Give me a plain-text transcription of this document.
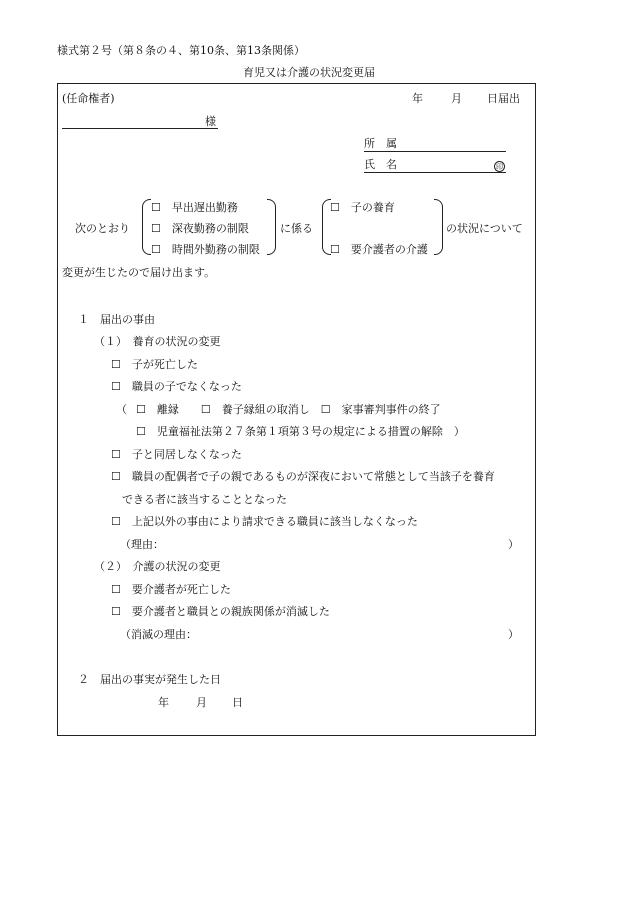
様式第２号（第８条の４、第10条、第13条関係）
育児又は介護の状況変更届
(任命権者)	年	月 日届出
様
所　属
氏　名	印
次のとおり
☐　早出遅出勤務
☐　深夜勤務の制限
☐　時間外勤務の制限
に係る
☐　子の養育
☐　要介護者の介護
の状況について
変更が生じたので届け出ます。
１　届出の事由
（１）　養育の状況の変更
☐　子が死亡した
☐　職員の子でなくなった
（ ☐　離縁　　☐　養子縁組の取消し　☐　家事審判事件の終了
☐　児童福祉法第２７条第１項第３号の規定による措置の解除　）
☐　子と同居しなくなった
☐　職員の配偶者で子の親であるものが深夜において常態として当該子を養育
できる者に該当することとなった
☐　上記以外の事由により請求できる職員に該当しなくなった
（理由：	）
（２）　介護の状況の変更
☐　要介護者が死亡した
☐　要介護者と職員との親族関係が消滅した
（消滅の理由：	）
２　届出の事実が発生した日
年 月 日
